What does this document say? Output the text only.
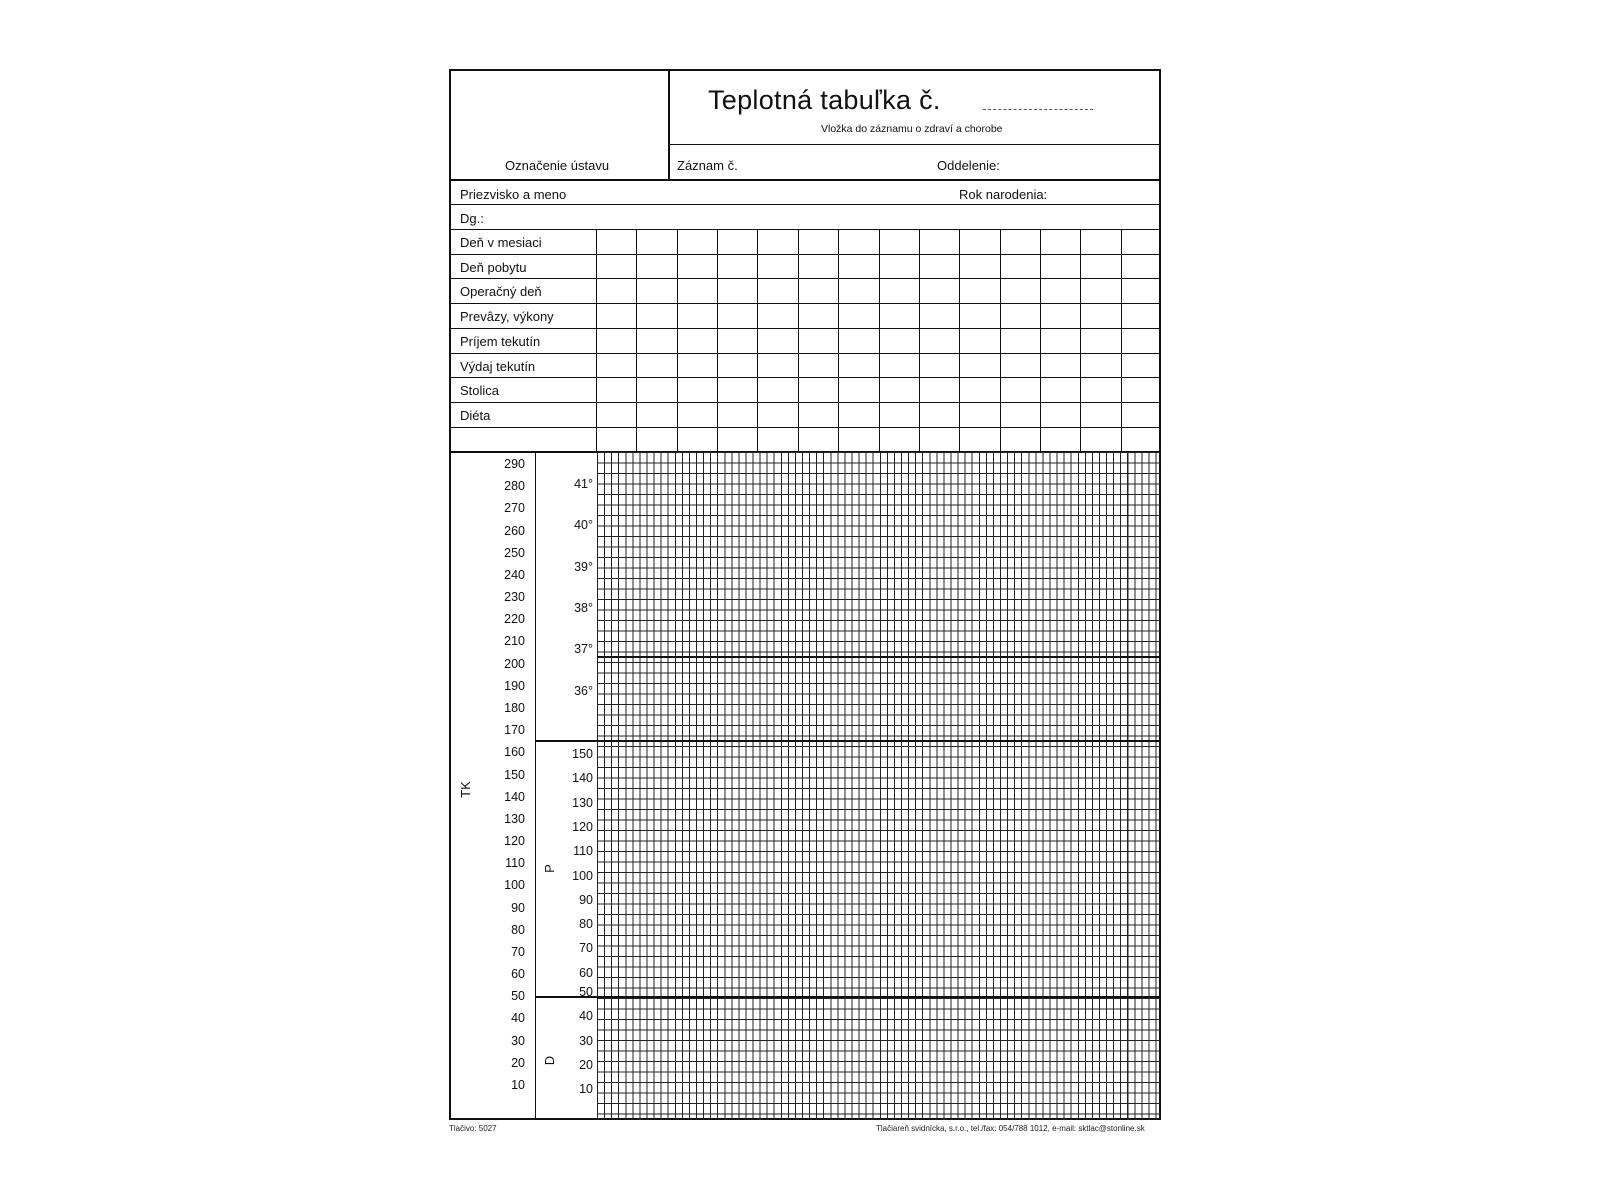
Teplotná tabuľka č.
Vložka do záznamu o zdraví a chorobe
Označenie ústavu	Záznam č.	Oddelenie:
Priezvisko a meno	Rok narodenia:
Dg.:
Deň v mesiaci
Deň pobytu
Operačný deň
Prevâzy, výkony
Príjem tekutín
Výdaj tekutín
Stolica
Diéta
290
280
270
260
250
240
230
220
210
200
190
180
170
160
150
140
130
120
110
100
90
80
70
60
50
40
30
20
10
41°
40°
39°
38°
37°
36°
150
140
130
120
110
100
90
80
70
60
50
40
30
20
10
TK
P
D
Tlačivo: 5027	Tlačiareň svidnícka, s.r.o., tel./fax: 054/788 1012, e-mail: sktlac@stonline.sk
